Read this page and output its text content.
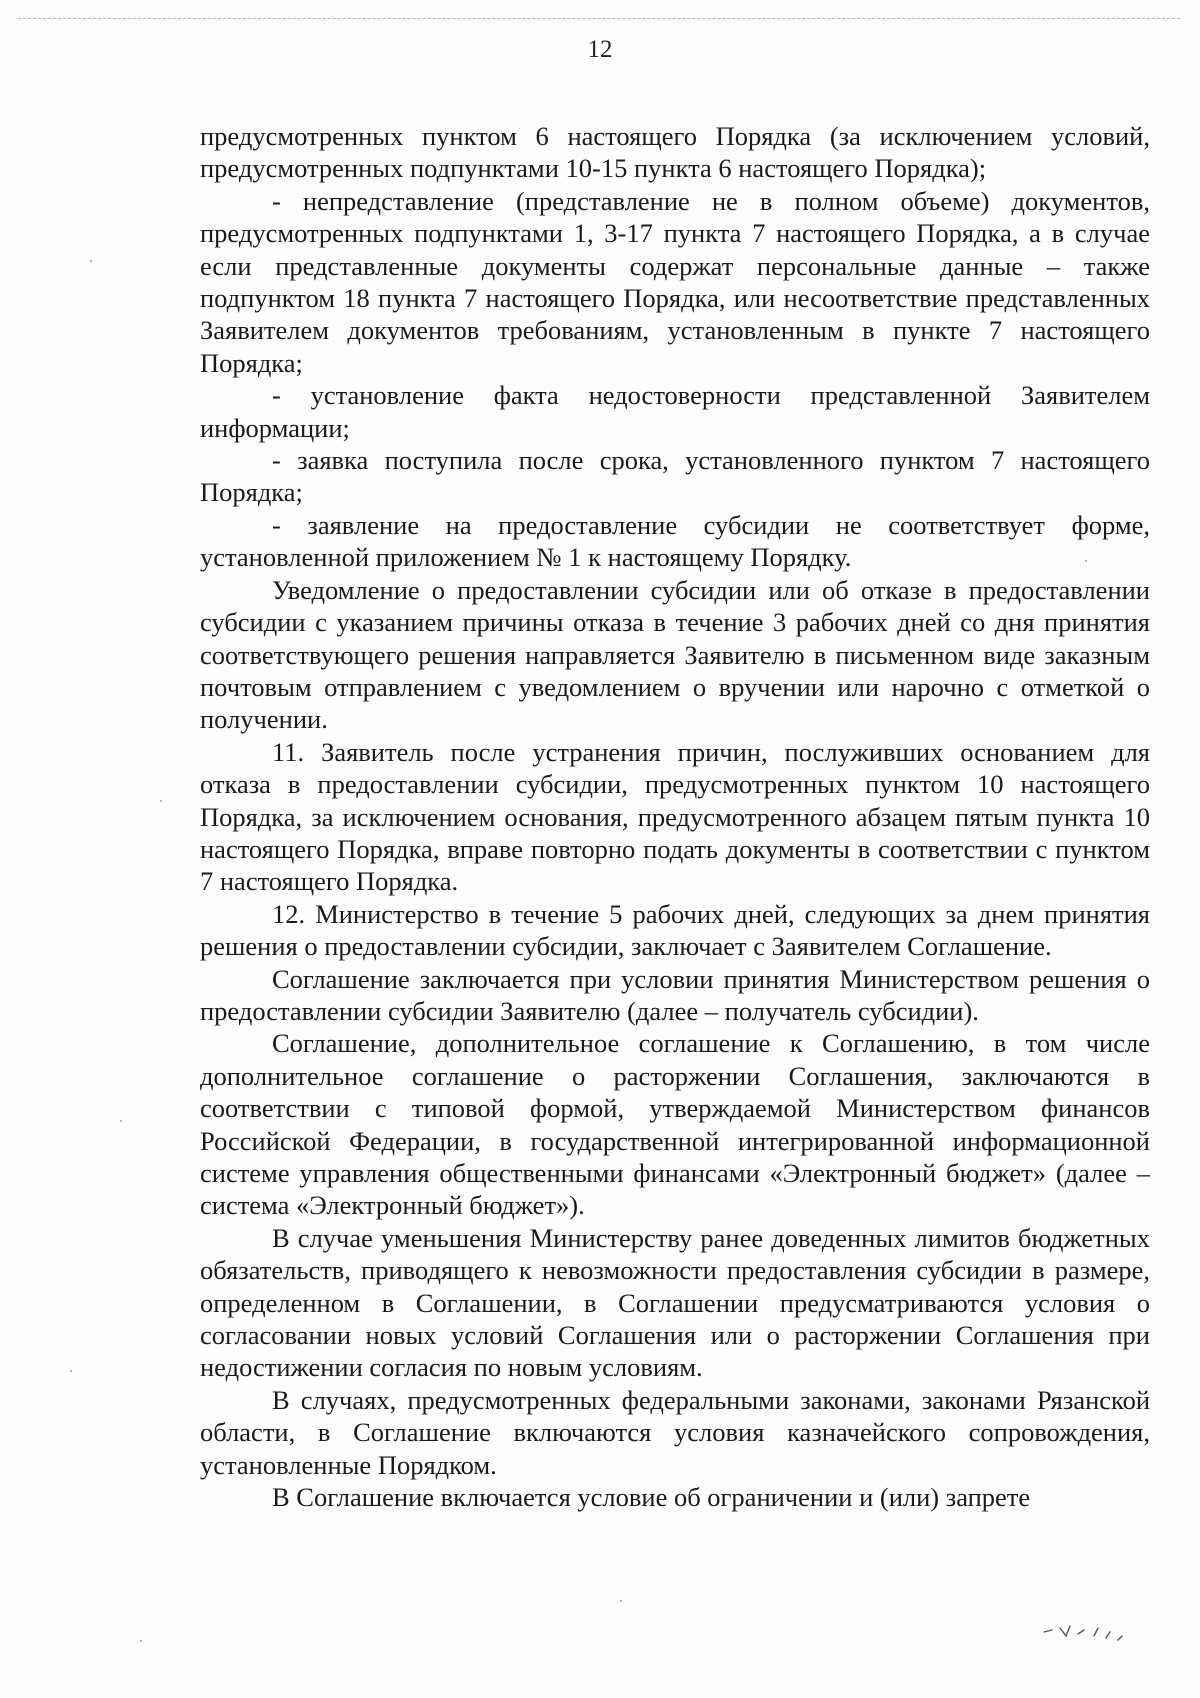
12

предусмотренных пунктом 6 настоящего Порядка (за исключением условий, предусмотренных подпунктами 10-15 пункта 6 настоящего Порядка);

- непредставление (представление не в полном объеме) документов, предусмотренных подпунктами 1, 3-17 пункта 7 настоящего Порядка, а в случае если представленные документы содержат персональные данные – также подпунктом 18 пункта 7 настоящего Порядка, или несоответствие представленных Заявителем документов требованиям, установленным в пункте 7 настоящего Порядка;

- установление факта недостоверности представленной Заявителем информации;

- заявка поступила после срока, установленного пунктом 7 настоящего Порядка;

- заявление на предоставление субсидии не соответствует форме, установленной приложением № 1 к настоящему Порядку.

Уведомление о предоставлении субсидии или об отказе в предоставлении субсидии с указанием причины отказа в течение 3 рабочих дней со дня принятия соответствующего решения направляется Заявителю в письменном виде заказным почтовым отправлением с уведомлением о вручении или нарочно с отметкой о получении.

11. Заявитель после устранения причин, послуживших основанием для отказа в предоставлении субсидии, предусмотренных пунктом 10 настоящего Порядка, за исключением основания, предусмотренного абзацем пятым пункта 10 настоящего Порядка, вправе повторно подать документы в соответствии с пунктом 7 настоящего Порядка.

12. Министерство в течение 5 рабочих дней, следующих за днем принятия решения о предоставлении субсидии, заключает с Заявителем Соглашение.

Соглашение заключается при условии принятия Министерством решения о предоставлении субсидии Заявителю (далее – получатель субсидии).

Соглашение, дополнительное соглашение к Соглашению, в том числе дополнительное соглашение о расторжении Соглашения, заключаются в соответствии с типовой формой, утверждаемой Министерством финансов Российской Федерации, в государственной интегрированной информационной системе управления общественными финансами «Электронный бюджет» (далее – система «Электронный бюджет»).

В случае уменьшения Министерству ранее доведенных лимитов бюджетных обязательств, приводящего к невозможности предоставления субсидии в размере, определенном в Соглашении, в Соглашении предусматриваются условия о согласовании новых условий Соглашения или о расторжении Соглашения при недостижении согласия по новым условиям.

В случаях, предусмотренных федеральными законами, законами Рязанской области, в Соглашение включаются условия казначейского сопровождения, установленные Порядком.

В Соглашение включается условие об ограничении и (или) запрете
